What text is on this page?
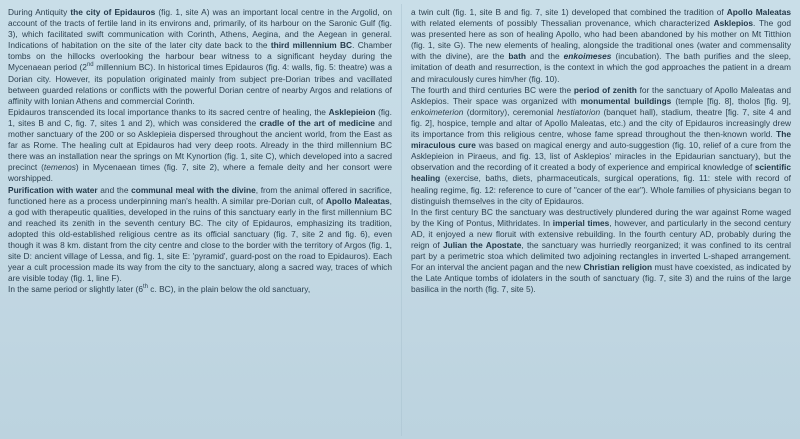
During Antiquity the city of Epidauros (fig. 1, site A) was an important local centre in the Argolid, on account of the tracts of fertile land in its environs and, primarily, of its harbour on the Saronic Gulf (fig. 3), which facilitated swift communication with Corinth, Athens, Aegina, and the Aegean in general. Indications of habitation on the site of the later city date back to the third millennium BC. Chamber tombs on the hillocks overlooking the harbour bear witness to a significant heyday during the Mycenaean period (2nd millennium BC). In historical times Epidauros (fig. 4: walls, fig. 5: theatre) was a Dorian city. However, its population originated mainly from subject pre-Dorian tribes and vacillated between guarded relations or conflicts with the powerful Dorian centre of nearby Argos and relations of affinity with Ionian Athens and commercial Corinth.

Epidauros transcended its local importance thanks to its sacred centre of healing, the Asklepieion (fig. 1, sites B and C, fig. 7, sites 1 and 2), which was considered the cradle of the art of medicine and mother sanctuary of the 200 or so Asklepieia dispersed throughout the ancient world, from the East as far as Rome. The healing cult at Epidauros had very deep roots. Already in the third millennium BC there was an installation near the springs on Mt Kynortion (fig. 1, site C), which developed into a sacred precinct (temenos) in Mycenaean times (fig. 7, site 2), where a female deity and her consort were worshipped.

Purification with water and the communal meal with the divine, from the animal offered in sacrifice, functioned here as a process underpinning man's health. A similar pre-Dorian cult, of Apollo Maleatas, a god with therapeutic qualities, developed in the ruins of this sanctuary early in the first millennium BC and reached its zenith in the seventh century BC. The city of Epidauros, emphasizing its tradition, adopted this old-established religious centre as its official sanctuary (fig. 7, site 2 and fig. 6), even though it was 8 km. distant from the city centre and close to the border with the territory of Argos (fig. 1, site D: ancient village of Lessa, and fig. 1, site E: 'pyramid', guard-post on the road to Epidauros). Each year a cult procession made its way from the city to the sanctuary, along a sacred way, traces of which are visible today (fig. 1, line F).

In the same period or slightly later (6th c. BC), in the plain below the old sanctuary,

a twin cult (fig. 1, site B and fig. 7, site 1) developed that combined the tradition of Apollo Maleatas with related elements of possibly Thessalian provenance, which characterized Asklepios. The god was presented here as son of healing Apollo, who had been abandoned by his mother on Mt Titthion (fig. 1, site G). The new elements of healing, alongside the traditional ones (water and commensality with the divine), are the bath and the enkoimeses (incubation). The bath purifies and the sleep, imitation of death and resurrection, is the context in which the god approaches the patient in a dream and miraculously cures him/her (fig. 10).

The fourth and third centuries BC were the period of zenith for the sanctuary of Apollo Maleatas and Asklepios. Their space was organized with monumental buildings (temple [fig. 8], tholos [fig. 9], enkoimeterion (dormitory), ceremonial hestiatorion (banquet hall), stadium, theatre [fig. 7, site 4 and fig. 2], hospice, temple and altar of Apollo Maleatas, etc.) and the city of Epidauros increasingly drew its importance from this religious centre, whose fame spread throughout the then-known world. The miraculous cure was based on magical energy and auto-suggestion (fig. 10, relief of a cure from the Asklepieion in Piraeus, and fig. 13, list of Asklepios' miracles in the Epidaurian sanctuary), but the observation and the recording of it created a body of experience and empirical knowledge of scientific healing (exercise, baths, diets, pharmaceuticals, surgical operations, fig. 11: stele with record of healing regime, fig. 12: reference to cure of "cancer of the ear"). Whole families of physicians began to distinguish themselves in the city of Epidauros.

In the first century BC the sanctuary was destructively plundered during the war against Rome waged by the King of Pontus, Mithridates. In imperial times, however, and particularly in the second century AD, it enjoyed a new floruit with extensive rebuilding. In the fourth century AD, probably during the reign of Julian the Apostate, the sanctuary was hurriedly reorganized; it was confined to its central part by a perimetric stoa which delimited two adjoining rectangles in inverted L-shaped arrangement. For an interval the ancient pagan and the new Christian religion must have coexisted, as indicated by the Late Antique tombs of idolaters in the south of sanctuary (fig. 7, site 3) and the ruins of the large basilica in the north (fig. 7, site 5).
